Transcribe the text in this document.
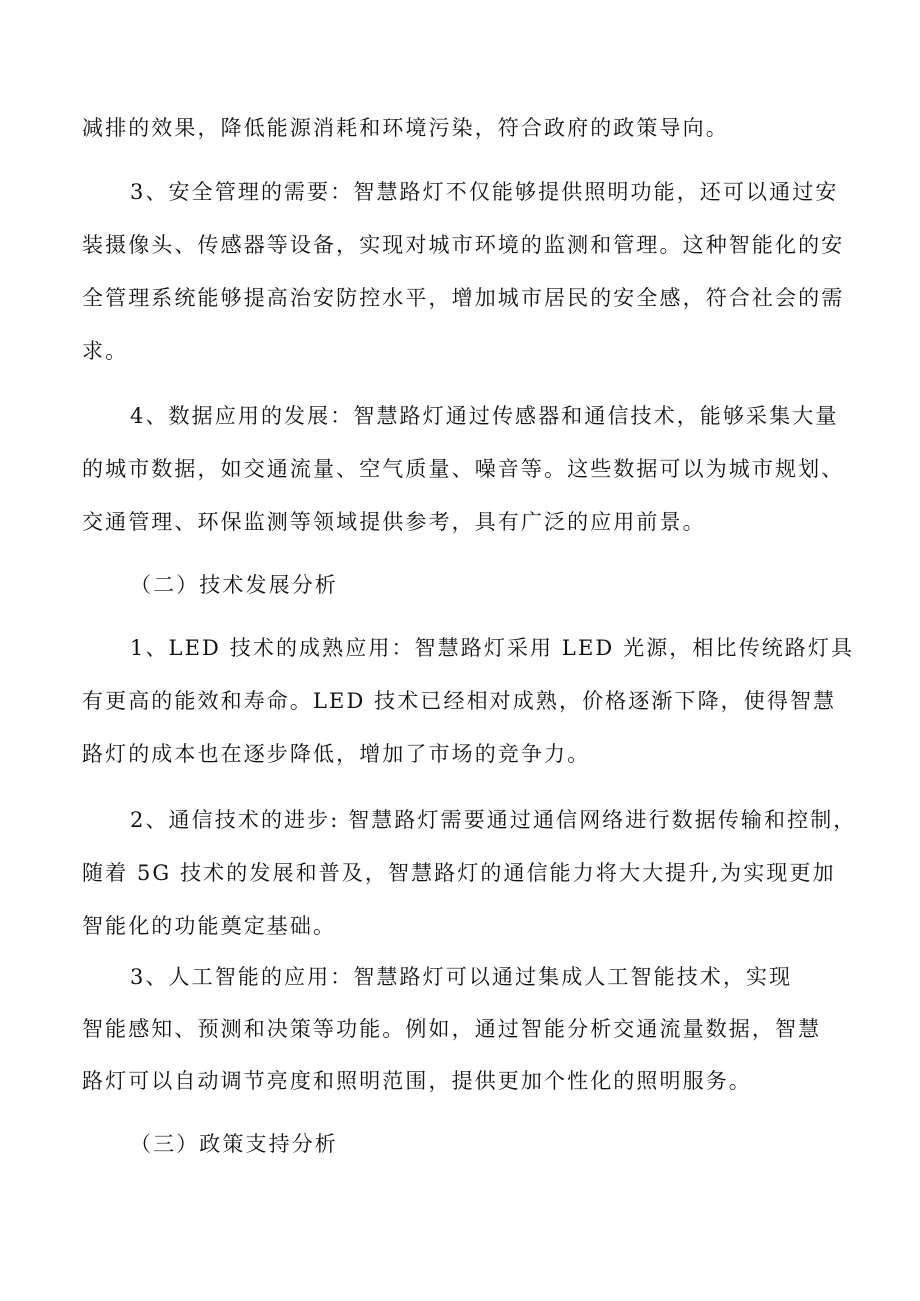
减排的效果，降低能源消耗和环境污染，符合政府的政策导向。
3、安全管理的需要：智慧路灯不仅能够提供照明功能，还可以通过安
装摄像头、传感器等设备，实现对城市环境的监测和管理。这种智能化的安
全管理系统能够提高治安防控水平，增加城市居民的安全感，符合社会的需
求。
4、数据应用的发展：智慧路灯通过传感器和通信技术，能够采集大量
的城市数据，如交通流量、空气质量、噪音等。这些数据可以为城市规划、
交通管理、环保监测等领域提供参考，具有广泛的应用前景。
（二）技术发展分析
1、LED 技术的成熟应用：智慧路灯采用 LED 光源，相比传统路灯具
有更高的能效和寿命。LED 技术已经相对成熟，价格逐渐下降，使得智慧
路灯的成本也在逐步降低，增加了市场的竞争力。
2、通信技术的进步: 智慧路灯需要通过通信网络进行数据传输和控制，
随着 5G 技术的发展和普及，智慧路灯的通信能力将大大提升,为实现更加
智能化的功能奠定基础。
3、人工智能的应用：智慧路灯可以通过集成人工智能技术，实现
智能感知、预测和决策等功能。例如，通过智能分析交通流量数据，智慧
路灯可以自动调节亮度和照明范围，提供更加个性化的照明服务。
（三）政策支持分析
